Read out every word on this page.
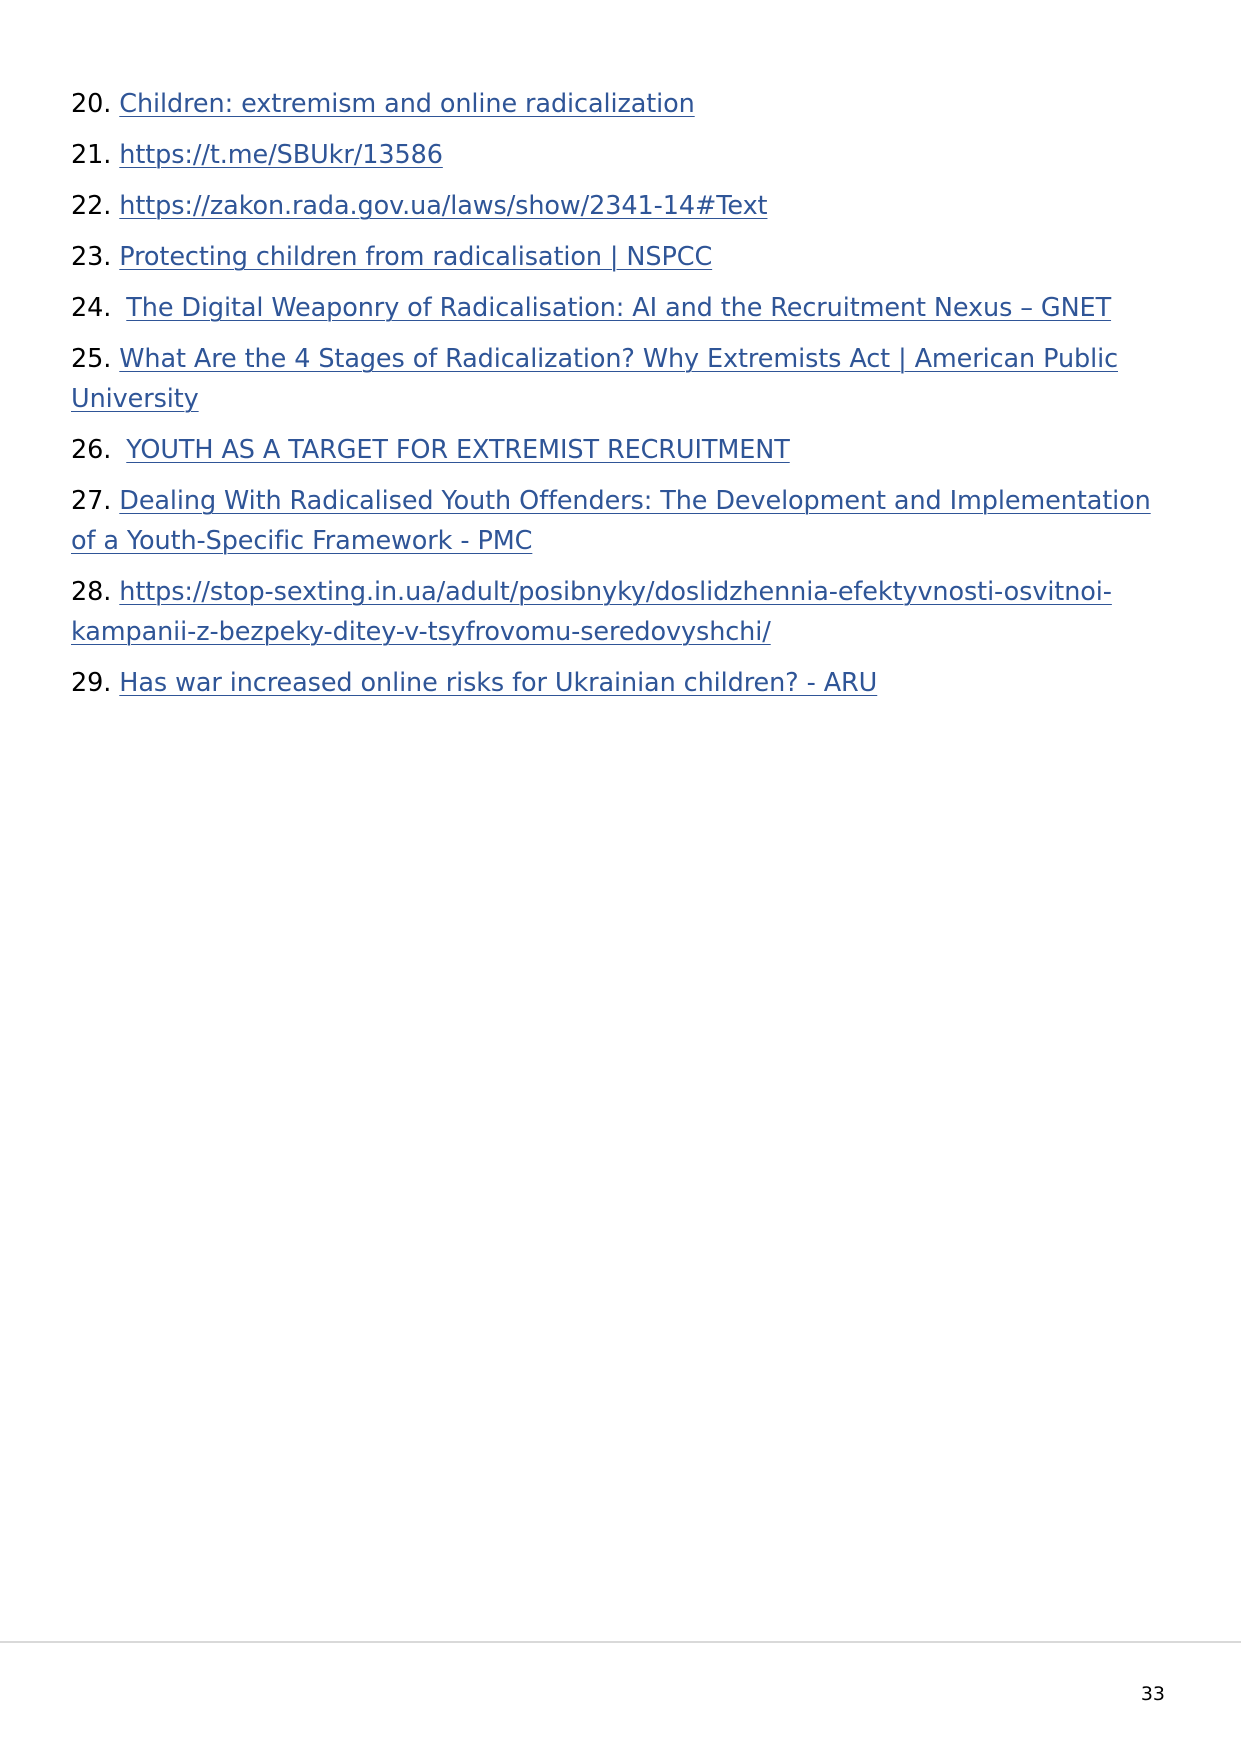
20. Children: extremism and online radicalization
21. https://t.me/SBUkr/13586
22. https://zakon.rada.gov.ua/laws/show/2341-14#Text
23. Protecting children from radicalisation | NSPCC
24. The Digital Weaponry of Radicalisation: AI and the Recruitment Nexus – GNET
25. What Are the 4 Stages of Radicalization? Why Extremists Act | American Public University
26. YOUTH AS A TARGET FOR EXTREMIST RECRUITMENT
27. Dealing With Radicalised Youth Offenders: The Development and Implementation of a Youth-Specific Framework - PMC
28. https://stop-sexting.in.ua/adult/posibnyky/doslidzhennia-efektyvnosti-osvitnoi-kampanii-z-bezpeky-ditey-v-tsyfrovomu-seredovyshchi/
29. Has war increased online risks for Ukrainian children? - ARU
33
